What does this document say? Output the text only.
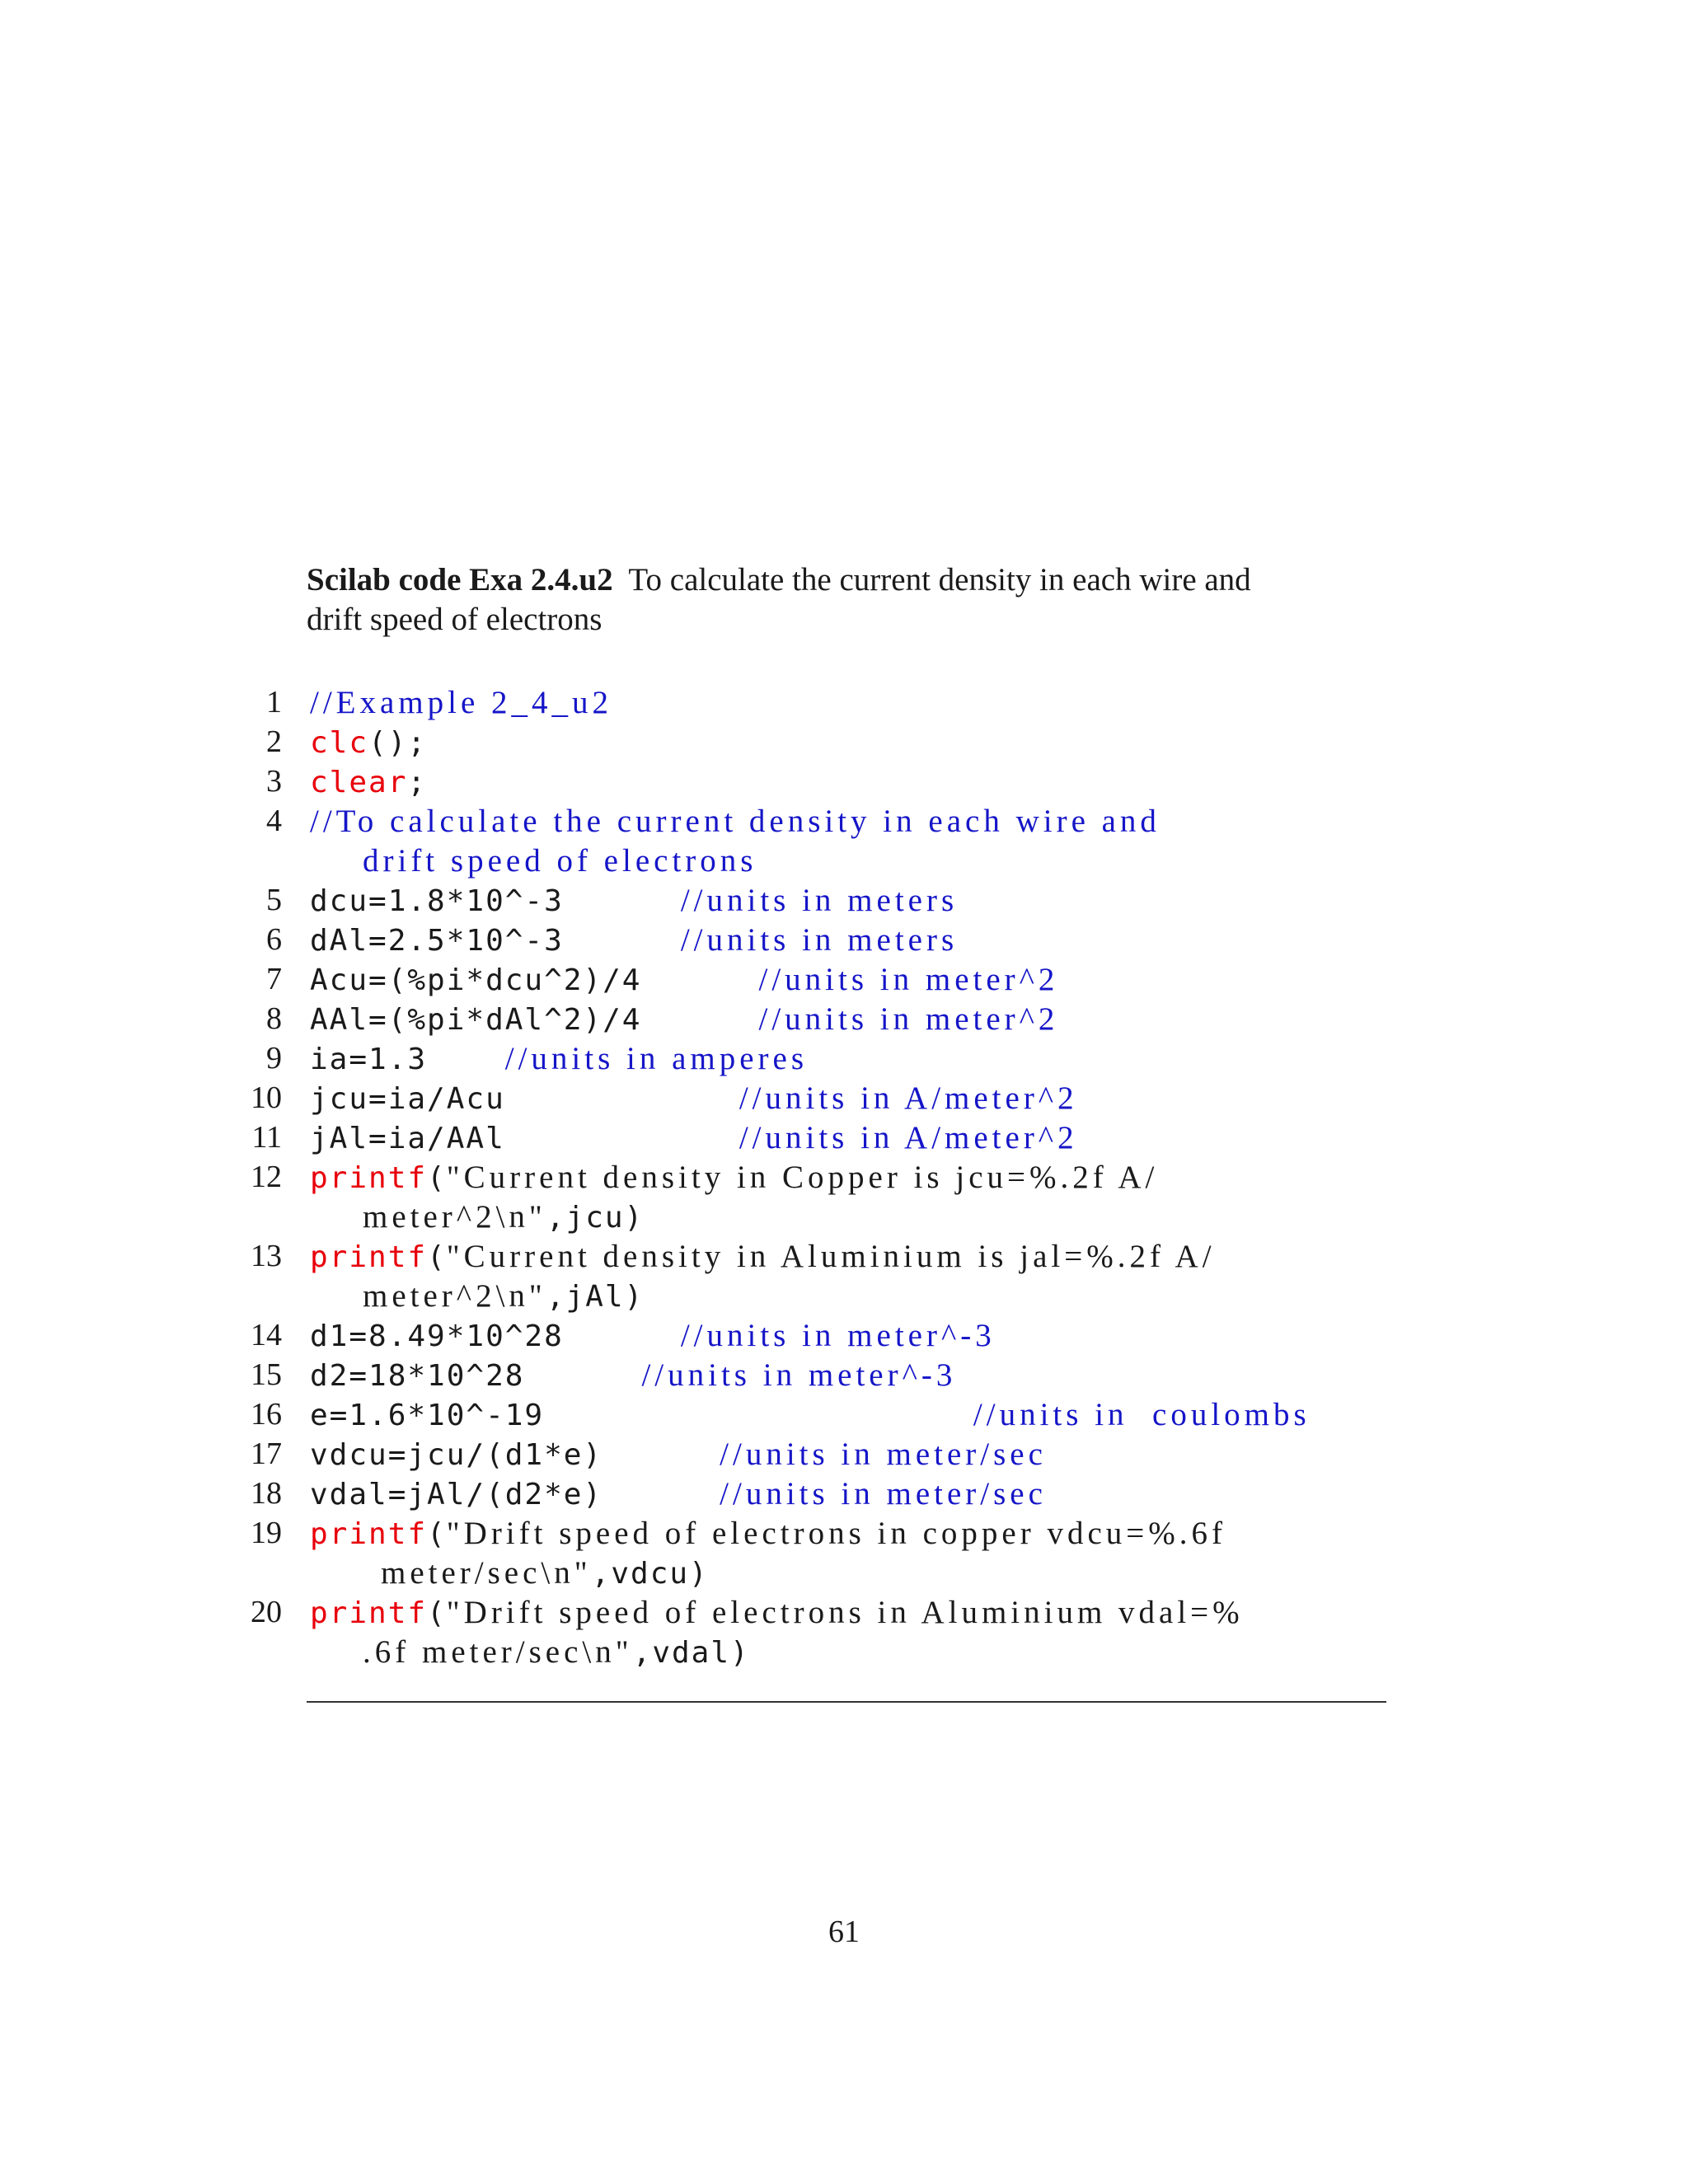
Scilab code Exa 2.4.u2 To calculate the current density in each wire and
drift speed of electrons
1 //Example 2_4_u2
2 clc();
3 clear;
4 //To calculate the current density in each wire and
drift speed of electrons
5 dcu=1.8*10^-3      //units in meters
6 dAl=2.5*10^-3      //units in meters
7 Acu=(%pi*dcu^2)/4      //units in meter^2
8 AAl=(%pi*dAl^2)/4      //units in meter^2
9 ia=1.3    //units in amperes
10 jcu=ia/Acu            //units in A/meter^2
11 jAl=ia/AAl            //units in A/meter^2
12 printf("Current density in Copper is jcu=%.2f A/
meter^2\n",jcu)
13 printf("Current density in Aluminium is jal=%.2f A/
meter^2\n",jAl)
14 d1=8.49*10^28      //units in meter^-3
15 d2=18*10^28      //units in meter^-3
16 e=1.6*10^-19                      //units in  coulombs
17 vdcu=jcu/(d1*e)      //units in meter/sec
18 vdal=jAl/(d2*e)      //units in meter/sec
19 printf("Drift speed of electrons in copper vdcu=%.6f
meter/sec\n",vdcu)
20 printf("Drift speed of electrons in Aluminium vdal=%
.6f meter/sec\n",vdal)
61
